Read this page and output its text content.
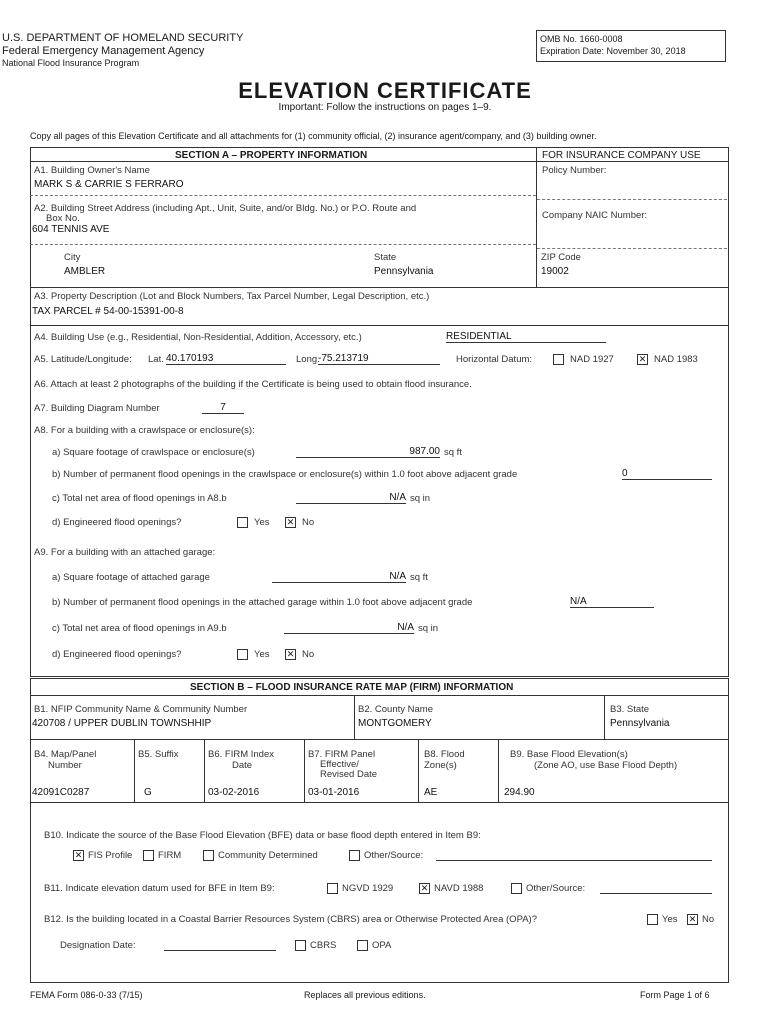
U.S. DEPARTMENT OF HOMELAND SECURITY
Federal Emergency Management Agency
National Flood Insurance Program
OMB No. 1660-0008
Expiration Date: November 30, 2018
ELEVATION CERTIFICATE
Important: Follow the instructions on pages 1–9.
Copy all pages of this Elevation Certificate and all attachments for (1) community official, (2) insurance agent/company, and (3) building owner.
SECTION A – PROPERTY INFORMATION	FOR INSURANCE COMPANY USE
Policy Number:
Company NAIC Number:
A1. Building Owner's Name
MARK S & CARRIE S FERRARO
A2. Building Street Address (including Apt., Unit, Suite, and/or Bldg. No.) or P.O. Route and
Box No.
604 TENNIS AVE
City
AMBLER
State
Pennsylvania
ZIP Code
19002
A3. Property Description (Lot and Block Numbers, Tax Parcel Number, Legal Description, etc.)
TAX PARCEL # 54-00-15391-00-8
A4. Building Use (e.g., Residential, Non-Residential, Addition, Accessory, etc.)	RESIDENTIAL
A5. Latitude/Longitude: Lat. 40.170193	Long.
-75.213719	Horizontal Datum:	NAD 1927	✕ NAD 1983
A6. Attach at least 2 photographs of the building if the Certificate is being used to obtain flood insurance.
A7. Building Diagram Number	7
A8. For a building with a crawlspace or enclosure(s):
a) Square footage of crawlspace or enclosure(s)	987.00 sq ft
b) Number of permanent flood openings in the crawlspace or enclosure(s) within 1.0 foot above adjacent grade	0
c) Total net area of flood openings in A8.b	N/A sq in
d) Engineered flood openings?	Yes ✕ No
A9. For a building with an attached garage:
a) Square footage of attached garage	N/A sq ft
b) Number of permanent flood openings in the attached garage within 1.0 foot above adjacent grade	N/A
c) Total net area of flood openings in A9.b	N/A sq in
d) Engineered flood openings?	Yes ✕ No
SECTION B – FLOOD INSURANCE RATE MAP (FIRM) INFORMATION
B1. NFIP Community Name & Community Number
420708 / UPPER DUBLIN TOWNSHHIP
B2. County Name
MONTGOMERY
B3. State
Pennsylvania
B4. Map/Panel
Number
42091C0287
B5. Suffix
G
B6. FIRM Index
Date
03-02-2016
B7. FIRM Panel
Effective/
Revised Date
03-01-2016
B8. Flood
Zone(s)
AE
B9. Base Flood Elevation(s)
(Zone AO, use Base Flood Depth)
294.90
B10. Indicate the source of the Base Flood Elevation (BFE) data or base flood depth entered in Item B9:
✕ FIS Profile	FIRM	Community Determined	Other/Source:
B11. Indicate elevation datum used for BFE in Item B9:	NGVD 1929	✕ NAVD 1988	Other/Source:
B12. Is the building located in a Coastal Barrier Resources System (CBRS) area or Otherwise Protected Area (OPA)?	Yes ✕ No
Designation Date:	CBRS	OPA
FEMA Form 086-0-33 (7/15)	Replaces all previous editions.	Form Page 1 of 6
